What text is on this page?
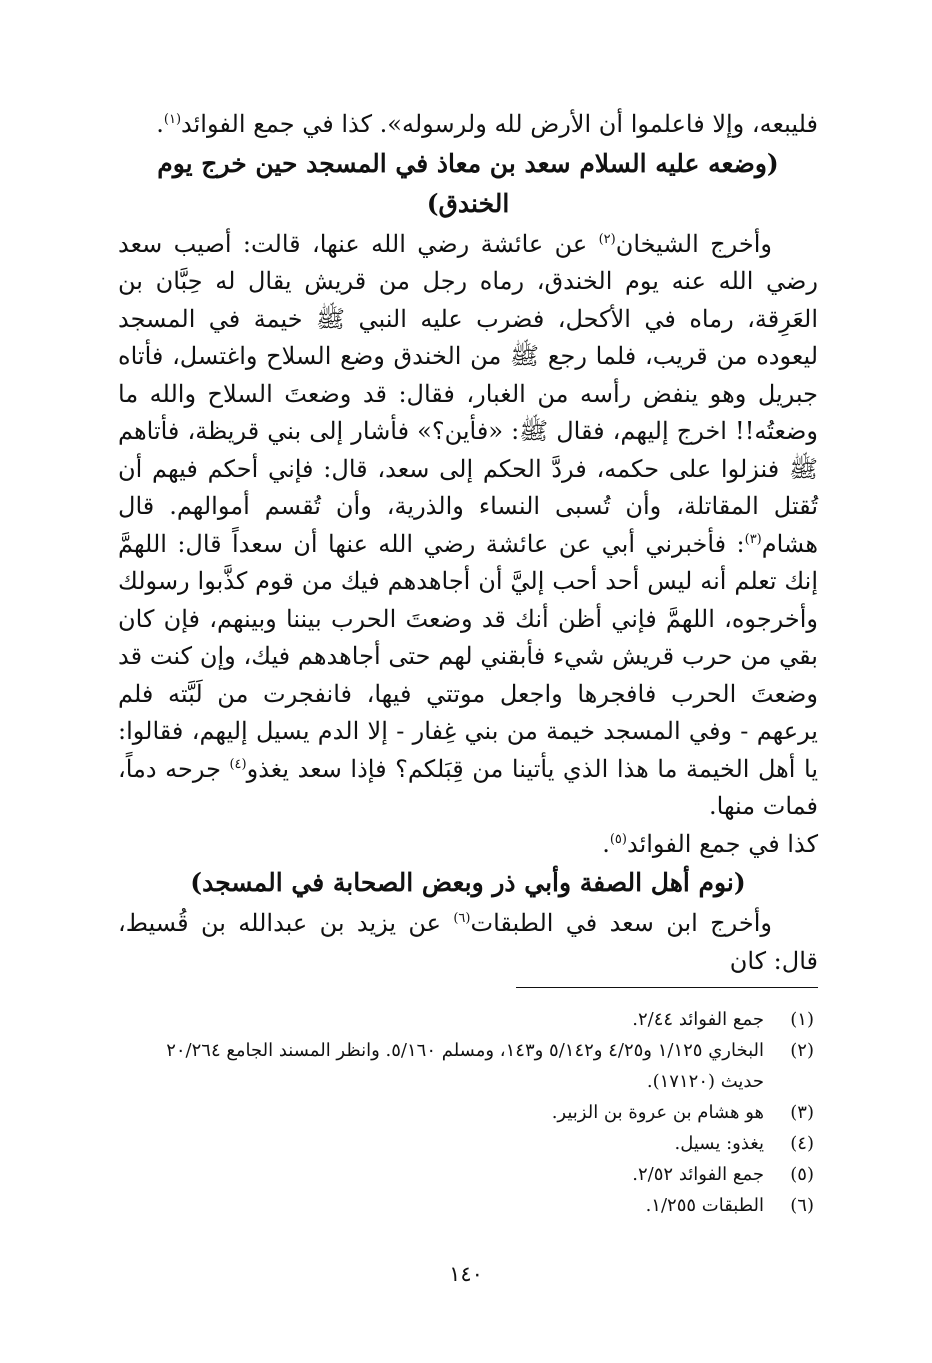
فليبعه، وإلا فاعلموا أن الأرض لله ولرسوله». كذا في جمع الفوائد$^{(١)}$.

(وضعه عليه السلام سعد بن معاذ في المسجد حين خرج يوم الخندق)

وأخرج الشيخان$^{(٢)}$ عن عائشة رضي الله عنها، قالت: أصيب سعد رضي الله عنه يوم الخندق، رماه رجل من قريش يقال له حِبَّان بن العَرِقة، رماه في الأكحل، فضرب عليه النبي ﷺ خيمة في المسجد ليعوده من قريب، فلما رجع ﷺ من الخندق وضع السلاح واغتسل، فأتاه جبريل وهو ينفض رأسه من الغبار، فقال: قد وضعتَ السلاح والله ما وضعتُه!! اخرج إليهم، فقال ﷺ: «فأين؟» فأشار إلى بني قريظة، فأتاهم ﷺ فنزلوا على حكمه، فردَّ الحكم إلى سعد، قال: فإني أحكم فيهم أن تُقتل المقاتلة، وأن تُسبى النساء والذرية، وأن تُقسم أموالهم. قال هشام$^{(٣)}$: فأخبرني أبي عن عائشة رضي الله عنها أن سعداً قال: اللهمَّ إنك تعلم أنه ليس أحد أحب إليَّ أن أجاهدهم فيك من قوم كذَّبوا رسولك وأخرجوه، اللهمَّ فإني أظن أنك قد وضعتَ الحرب بيننا وبينهم، فإن كان بقي من حرب قريش شيء فأبقني لهم حتى أجاهدهم فيك، وإن كنت قد وضعتَ الحرب فافجرها واجعل موتتي فيها، فانفجرت من لَبَّته فلم يرعهم - وفي المسجد خيمة من بني غِفار - إلا الدم يسيل إليهم، فقالوا: يا أهل الخيمة ما هذا الذي يأتينا من قِبَلكم؟ فإذا سعد يغذو$^{(٤)}$ جرحه دماً، فمات منها.

كذا في جمع الفوائد$^{(٥)}$.

(نوم أهل الصفة وأبي ذر وبعض الصحابة في المسجد)

وأخرج ابن سعد في الطبقات$^{(٦)}$ عن يزيد بن عبدالله بن قُسيط، قال: كان

(١)
جمع الفوائد ٢/٤٤.
(٢)
البخاري ١/١٢٥ و٤/٢٥ و٥/١٤٢ و١٤٣، ومسلم ٥/١٦٠. وانظر المسند الجامع ٢٠/٢٦٤ حديث (١٧١٢٠).
(٣)
هو هشام بن عروة بن الزبير.
(٤)
يغذو: يسيل.
(٥)
جمع الفوائد ٢/٥٢.
(٦)
الطبقات ١/٢٥٥.
١٤٠
